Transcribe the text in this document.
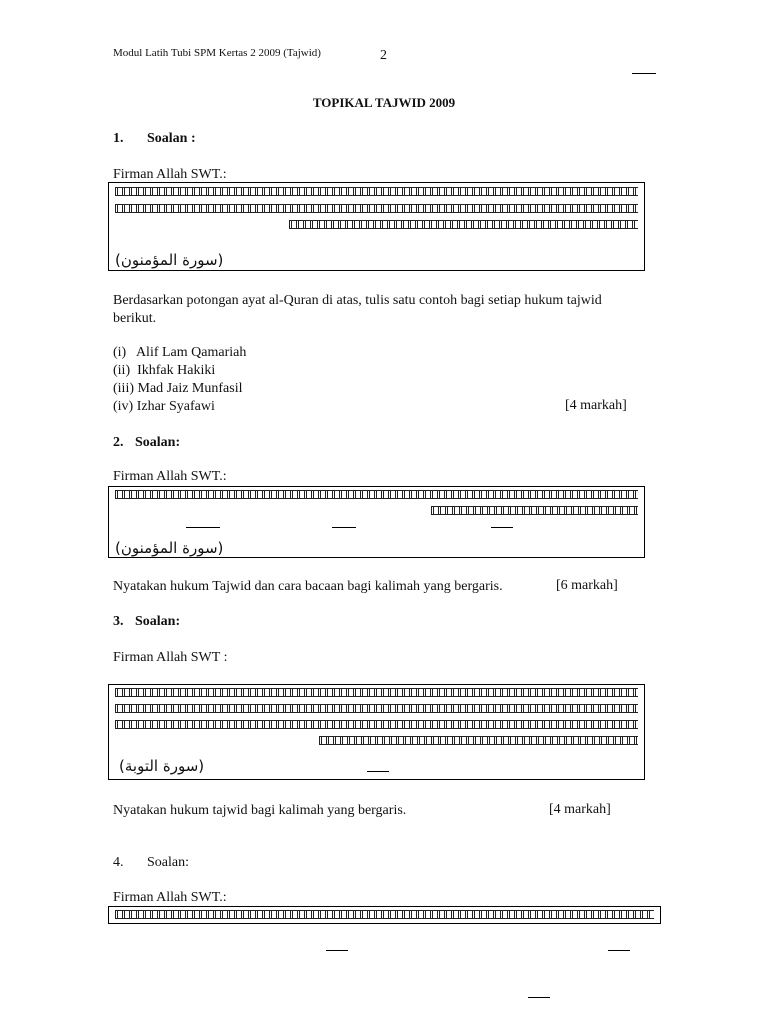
Modul Latih Tubi SPM Kertas 2 2009 (Tajwid)	2
TOPIKAL TAJWID 2009
1. Soalan :
Firman Allah SWT.:
(سورة المؤمنون)
Berdasarkan potongan ayat al-Quran di atas, tulis satu contoh bagi setiap hukum tajwid berikut.
(i)   Alif Lam Qamariah
(ii)  Ikhfak Hakiki
(iii) Mad Jaiz Munfasil
(iv) Izhar Syafawi	[4 markah]
2. Soalan:
Firman Allah SWT.:
(سورة المؤمنون)
Nyatakan hukum Tajwid dan cara bacaan bagi kalimah yang bergaris.	[6 markah]
3. Soalan:
Firman Allah SWT :
(سورة التوبة)
Nyatakan hukum tajwid bagi kalimah yang bergaris.	[4 markah]
4. Soalan:
Firman Allah SWT.:
